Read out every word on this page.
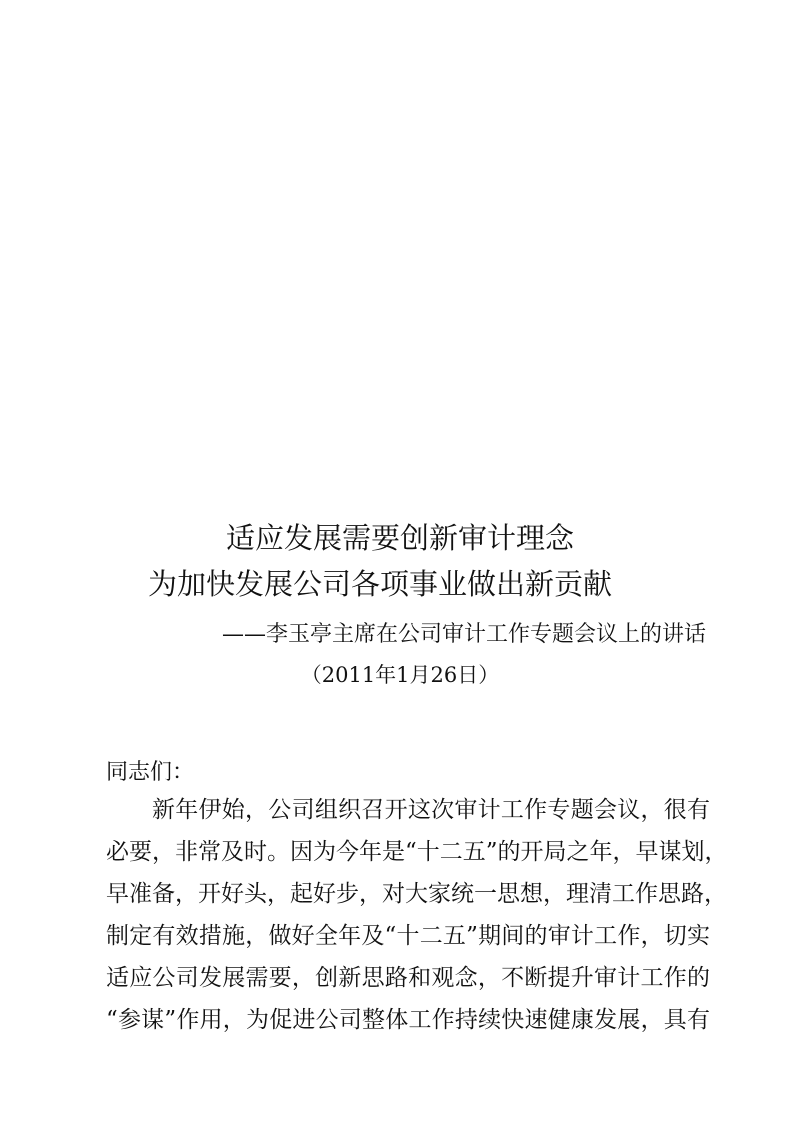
适应发展需要创新审计理念
为加快发展公司各项事业做出新贡献
——李玉亭主席在公司审计工作专题会议上的讲话
（2011年1月26日）
同志们：
新年伊始，公司组织召开这次审计工作专题会议，很有
必要，非常及时。因为今年是“十二五”的开局之年，早谋划，
早准备，开好头，起好步，对大家统一思想，理清工作思路，
制定有效措施，做好全年及“十二五”期间的审计工作，切实
适应公司发展需要，创新思路和观念，不断提升审计工作的
“参谋”作用，为促进公司整体工作持续快速健康发展，具有
